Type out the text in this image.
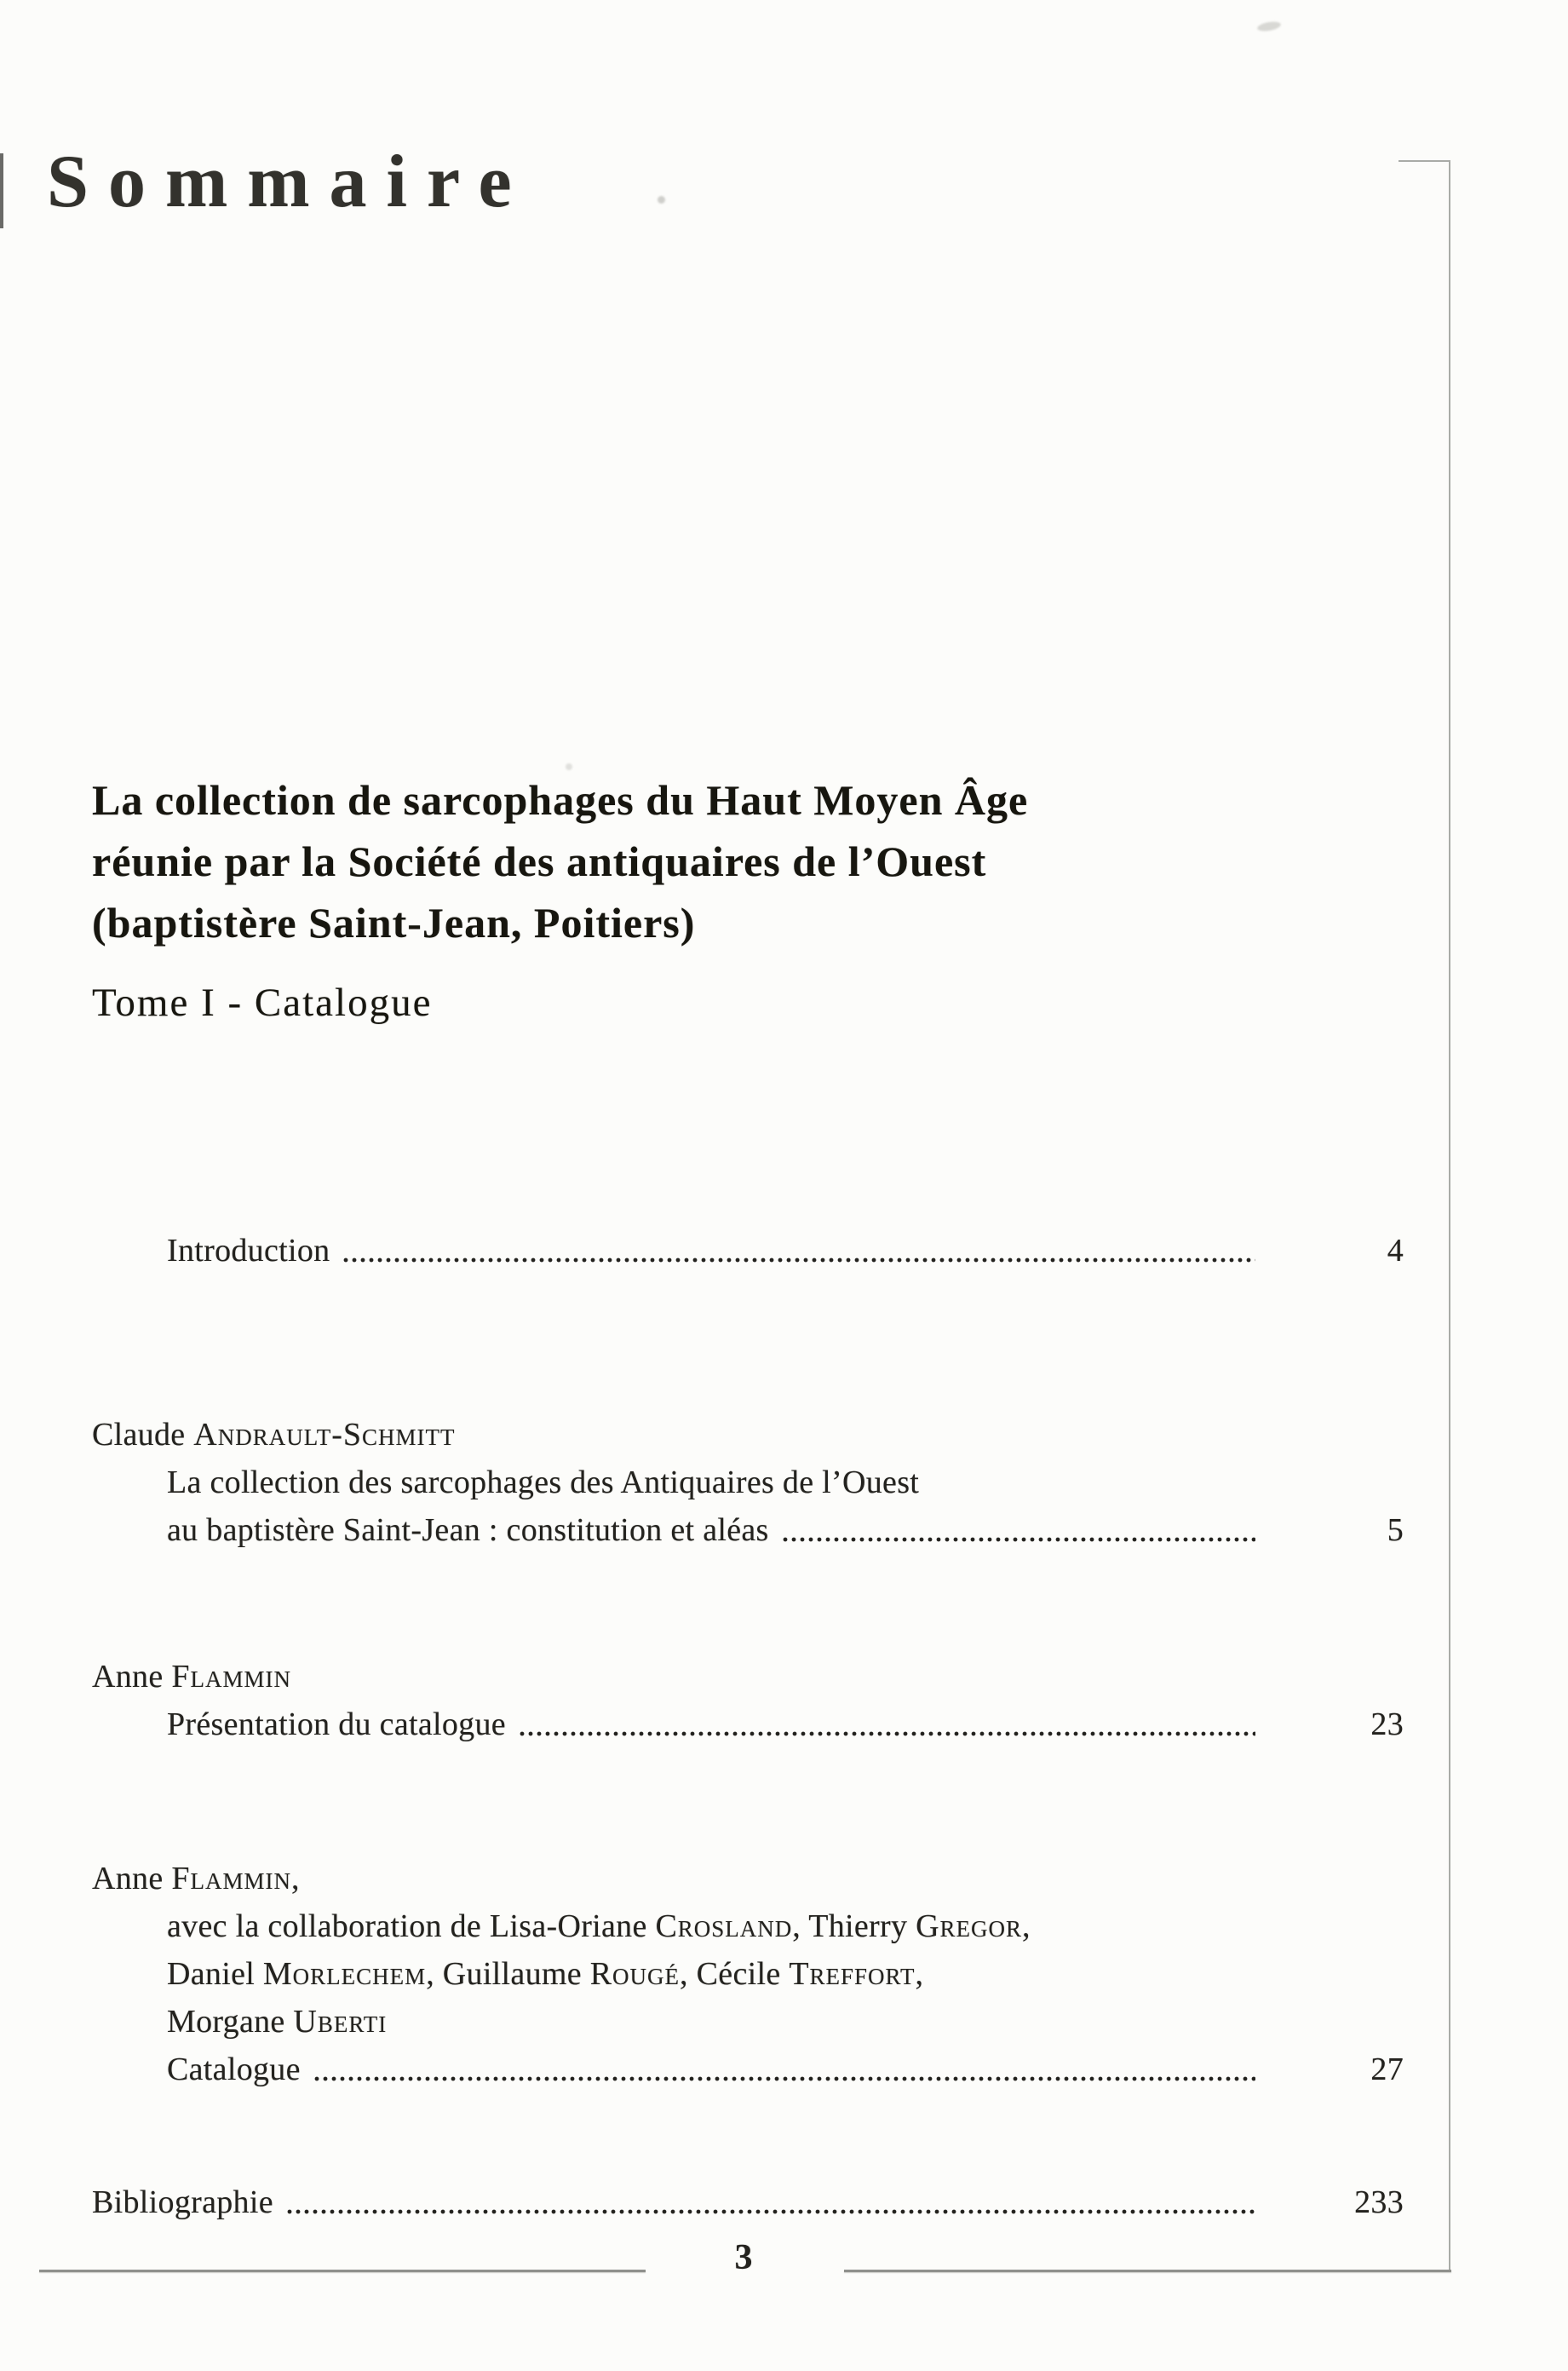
Sommaire
La collection de sarcophages du Haut Moyen Âge
réunie par la Société des antiquaires de l’Ouest
(baptistère Saint-Jean, Poitiers)
Tome I - Catalogue
Introduction	4
Claude Andrault-Schmitt
La collection des sarcophages des Antiquaires de l’Ouest
au baptistère Saint-Jean : constitution et aléas	5
Anne Flammin
Présentation du catalogue	23
Anne Flammin,
avec la collaboration de Lisa-Oriane Crosland, Thierry Gregor,
Daniel Morlechem, Guillaume Rougé, Cécile Treffort,
Morgane Uberti
Catalogue	27
Bibliographie	233
3
